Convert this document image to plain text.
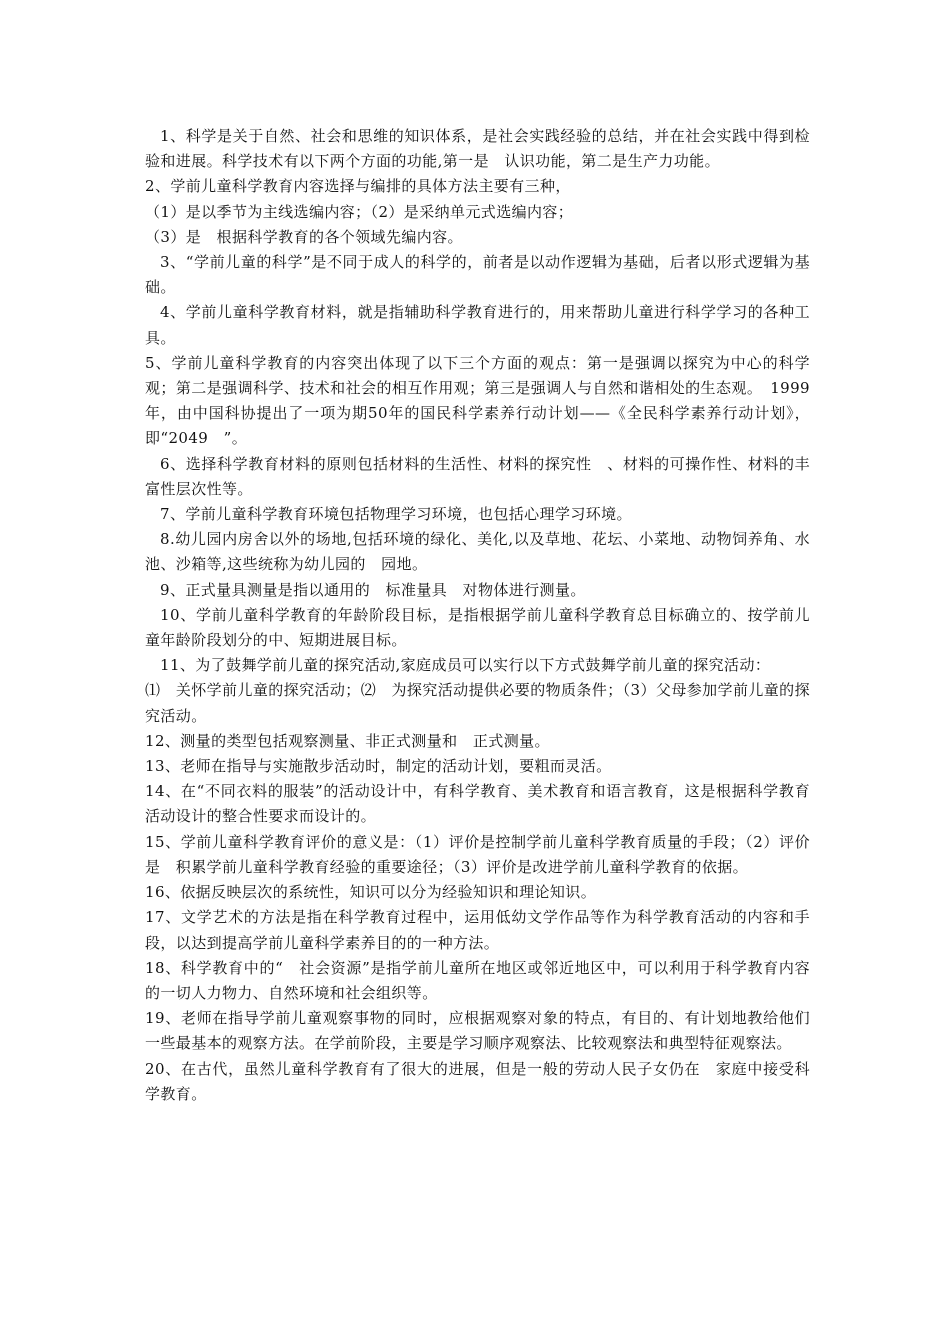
1、科学是关于自然、社会和思维的知识体系，是社会实践经验的总结，并在社会实践中得到检验和进展。科学技术有以下两个方面的功能,第一是　认识功能，第二是生产力功能。

2、学前儿童科学教育内容选择与编排的具体方法主要有三种，

（1）是以季节为主线选编内容；（2）是采纳单元式选编内容；

（3）是　根据科学教育的各个领域先编内容。

3、“学前儿童的科学”是不同于成人的科学的，前者是以动作逻辑为基础，后者以形式逻辑为基础。

4、学前儿童科学教育材料，就是指辅助科学教育进行的，用来帮助儿童进行科学学习的各种工具。

5、学前儿童科学教育的内容突出体现了以下三个方面的观点：第一是强调以探究为中心的科学观；第二是强调科学、技术和社会的相互作用观；第三是强调人与自然和谐相处的生态观。　1999年，由中国科协提出了一项为期50年的国民科学素养行动计划——《全民科学素养行动计划》，即“2049　”。

6、选择科学教育材料的原则包括材料的生活性、材料的探究性　、材料的可操作性、材料的丰富性层次性等。

7、学前儿童科学教育环境包括物理学习环境，也包括心理学习环境。

8.幼儿园内房舍以外的场地,包括环境的绿化、美化,以及草地、花坛、小菜地、动物饲养角、水池、沙箱等,这些统称为幼儿园的　园地。

9、正式量具测量是指以通用的　标准量具　对物体进行测量。

10、学前儿童科学教育的年龄阶段目标，是指根据学前儿童科学教育总目标确立的、按学前儿童年龄阶段划分的中、短期进展目标。

11、为了鼓舞学前儿童的探究活动,家庭成员可以实行以下方式鼓舞学前儿童的探究活动：

⑴　关怀学前儿童的探究活动；⑵　为探究活动提供必要的物质条件；（3）父母参加学前儿童的探究活动。

12、测量的类型包括观察测量、非正式测量和　正式测量。

13、老师在指导与实施散步活动时，制定的活动计划，要粗而灵活。

14、在“不同衣料的服装”的活动设计中，有科学教育、美术教育和语言教育，这是根据科学教育活动设计的整合性要求而设计的。

15、学前儿童科学教育评价的意义是：（1）评价是控制学前儿童科学教育质量的手段；（2）评价是　积累学前儿童科学教育经验的重要途径；（3）评价是改进学前儿童科学教育的依据。

16、依据反映层次的系统性，知识可以分为经验知识和理论知识。

17、文学艺术的方法是指在科学教育过程中，运用低幼文学作品等作为科学教育活动的内容和手段，以达到提高学前儿童科学素养目的的一种方法。

18、科学教育中的“　社会资源”是指学前儿童所在地区或邻近地区中，可以利用于科学教育内容的一切人力物力、自然环境和社会组织等。

19、老师在指导学前儿童观察事物的同时，应根据观察对象的特点，有目的、有计划地教给他们一些最基本的观察方法。在学前阶段，主要是学习顺序观察法、比较观察法和典型特征观察法。

20、在古代，虽然儿童科学教育有了很大的进展，但是一般的劳动人民子女仍在　家庭中接受科学教育。
